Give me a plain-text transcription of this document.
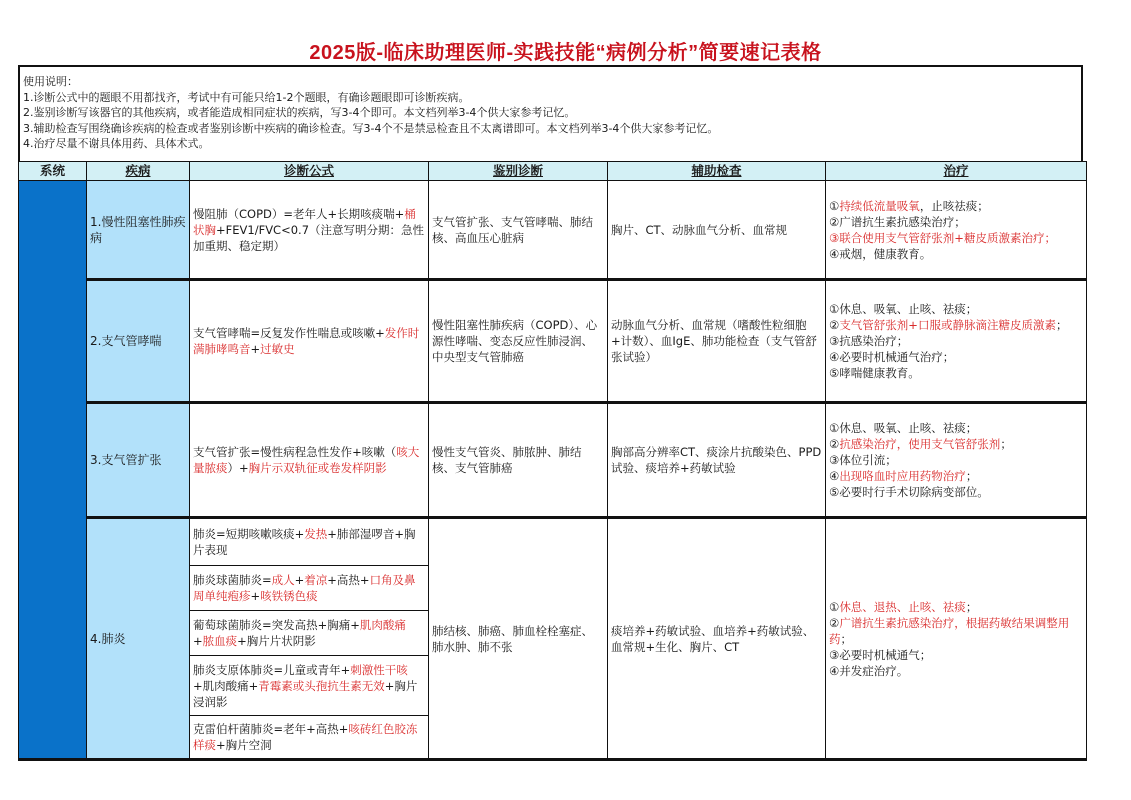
2025版-临床助理医师-实践技能“病例分析”简要速记表格
使用说明：
1.诊断公式中的题眼不用都找齐，考试中有可能只给1-2个题眼，有确诊题眼即可诊断疾病。
2.鉴别诊断写该器官的其他疾病，或者能造成相同症状的疾病，写3-4个即可。本文档列举3-4个供大家参考记忆。
3.辅助检查写围绕确诊疾病的检查或者鉴别诊断中疾病的确诊检查。写3-4个不是禁忌检查且不太离谱即可。本文档列举3-4个供大家参考记忆。
4.治疗尽量不谢具体用药、具体术式。
系统	疾病	诊断公式	鉴别诊断	辅助检查	治疗
	1.慢性阻塞性肺疾病	慢阻肺（COPD）=老年人+长期咳痰喘+桶状胸+FEV1/FVC<0.7（注意写明分期：急性加重期、稳定期）	支气管扩张、支气管哮喘、肺结核、高血压心脏病	胸片、CT、动脉血气分析、血常规	①持续低流量吸氧，止咳祛痰；
②广谱抗生素抗感染治疗；
③联合使用支气管舒张剂+糖皮质激素治疗；
④戒烟，健康教育。

	2.支气管哮喘	支气管哮喘=反复发作性喘息或咳嗽+发作时满肺哮鸣音+过敏史	慢性阻塞性肺疾病（COPD）、心源性哮喘、变态反应性肺浸润、中央型支气管肺癌	动脉血气分析、血常规（嗜酸性粒细胞+计数）、血IgE、肺功能检查（支气管舒张试验）	①休息、吸氧、止咳、祛痰；
②支气管舒张剂+口服或静脉滴注糖皮质激素；
③抗感染治疗；
④必要时机械通气治疗；
⑤哮喘健康教育。

	3.支气管扩张	支气管扩张=慢性病程急性发作+咳嗽（咳大量脓痰）+胸片示双轨征或卷发样阴影	慢性支气管炎、肺脓肿、肺结核、支气管肺癌	胸部高分辨率CT、痰涂片抗酸染色、PPD试验、痰培养+药敏试验	①休息、吸氧、止咳、祛痰；
②抗感染治疗，使用支气管舒张剂；
③体位引流；
④出现咯血时应用药物治疗；
⑤必要时行手术切除病变部位。

	4.肺炎	肺炎=短期咳嗽咳痰+发热+肺部湿啰音+胸片表现	肺结核、肺癌、肺血栓栓塞症、肺水肿、肺不张	痰培养+药敏试验、血培养+药敏试验、血常规+生化、胸片、CT	①休息、退热、止咳、祛痰；
②广谱抗生素抗感染治疗，根据药敏结果调整用药；
③必要时机械通气；
④并发症治疗。

		肺炎球菌肺炎=成人+着凉+高热+口角及鼻周单纯疱疹+咳铁锈色痰			
		葡萄球菌肺炎=突发高热+胸痛+肌肉酸痛+脓血痰+胸片片状阴影			
		肺炎支原体肺炎=儿童或青年+刺激性干咳+肌肉酸痛+青霉素或头孢抗生素无效+胸片浸润影			
		克雷伯杆菌肺炎=老年+高热+咳砖红色胶冻样痰+胸片空洞			
